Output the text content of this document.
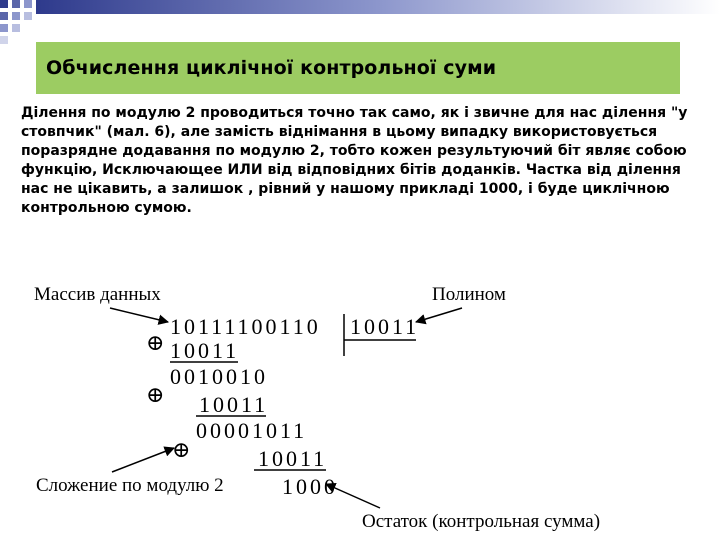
Обчислення циклічної контрольної суми

Ділення по модулю 2 проводиться точно так само, як і звичне для нас ділення "у стовпчик" (мал. 6), але замість віднімання в цьому випадку використовується поразрядне додавання по модулю 2, тобто кожен результуючий біт являє собою функцію, Исключающее ИЛИ від відповідних бітів доданків. Частка від ділення нас не цікавить, а залишок , рівний у нашому прикладі 1000, і буде циклічною контрольною сумою.

Массив данных	Полином
Сложение по модулю 2
Остаток (контрольная сумма)
10111100110 10011
⊕ 10011
0010010
⊕ 10011
00001011
⊕	10011
1000
